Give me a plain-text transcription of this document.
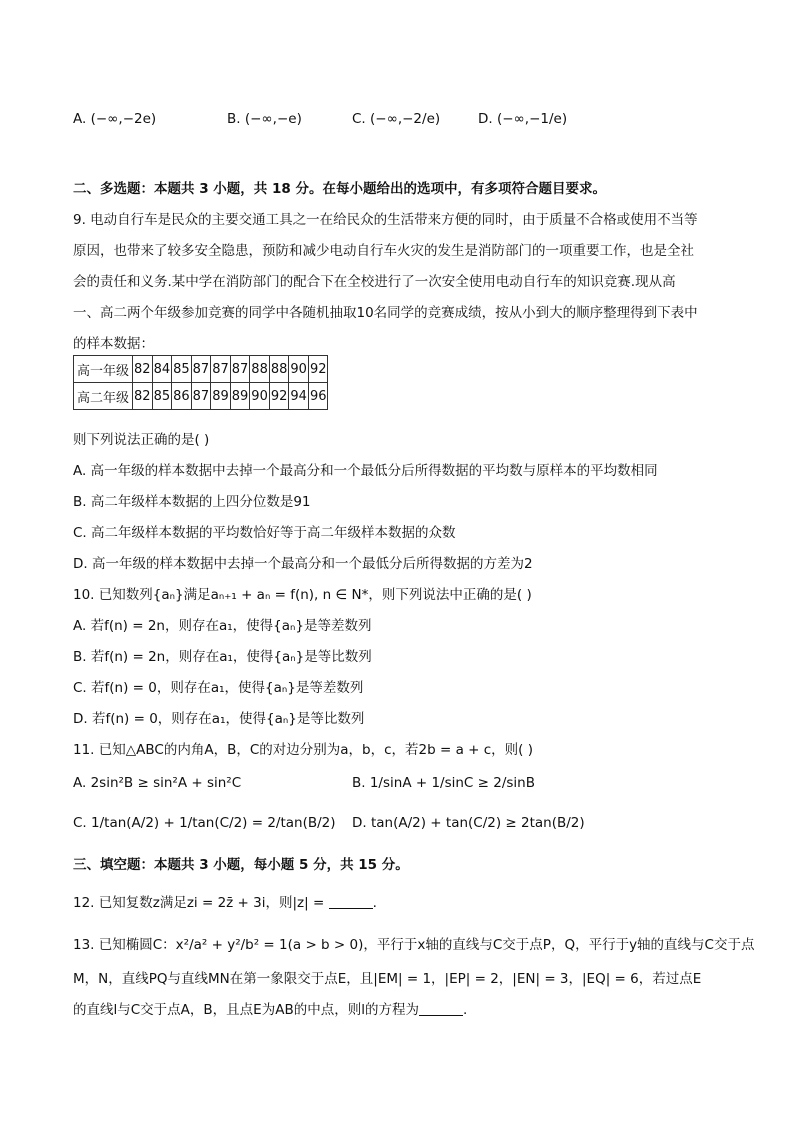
A. (−∞,−2e)	B. (−∞,−e)	C. (−∞,−2/e)	D. (−∞,−1/e)
二、多选题：本题共 3 小题，共 18 分。在每小题给出的选项中，有多项符合题目要求。
9. 电动自行车是民众的主要交通工具之一在给民众的生活带来方便的同时，由于质量不合格或使用不当等
原因，也带来了较多安全隐患，预防和减少电动自行车火灾的发生是消防部门的一项重要工作，也是全社
会的责任和义务.某中学在消防部门的配合下在全校进行了一次安全使用电动自行车的知识竞赛.现从高
一、高二两个年级参加竞赛的同学中各随机抽取10名同学的竞赛成绩，按从小到大的顺序整理得到下表中
的样本数据：
高一年级	82	84	85	87	87	87	88	88	90	92
高二年级	82	85	86	87	89	89	90	92	94	96
则下列说法正确的是( )
A. 高一年级的样本数据中去掉一个最高分和一个最低分后所得数据的平均数与原样本的平均数相同
B. 高二年级样本数据的上四分位数是91
C. 高二年级样本数据的平均数恰好等于高二年级样本数据的众数
D. 高一年级的样本数据中去掉一个最高分和一个最低分后所得数据的方差为2
10. 已知数列{aₙ}满足aₙ₊₁ + aₙ = f(n), n ∈ N*，则下列说法中正确的是( )
A. 若f(n) = 2n，则存在a₁，使得{aₙ}是等差数列
B. 若f(n) = 2n，则存在a₁，使得{aₙ}是等比数列
C. 若f(n) = 0，则存在a₁，使得{aₙ}是等差数列
D. 若f(n) = 0，则存在a₁，使得{aₙ}是等比数列
11. 已知△ABC的内角A，B，C的对边分别为a，b，c，若2b = a + c，则( )
A. 2sin²B ≥ sin²A + sin²C	B. 1/sinA + 1/sinC ≥ 2/sinB
C. 1/tan(A/2) + 1/tan(C/2) = 2/tan(B/2) D. tan(A/2) + tan(C/2) ≥ 2tan(B/2)
三、填空题：本题共 3 小题，每小题 5 分，共 15 分。
12. 已知复数z满足zi = 2z̄ + 3i，则|z| =	.
13. 已知椭圆C：x²/a² + y²/b² = 1(a > b > 0)，平行于x轴的直线与C交于点P，Q，平行于y轴的直线与C交于点
M，N，直线PQ与直线MN在第一象限交于点E，且|EM| = 1，|EP| = 2，|EN| = 3，|EQ| = 6，若过点E
的直线l与C交于点A，B，且点E为AB的中点，则l的方程为	.
